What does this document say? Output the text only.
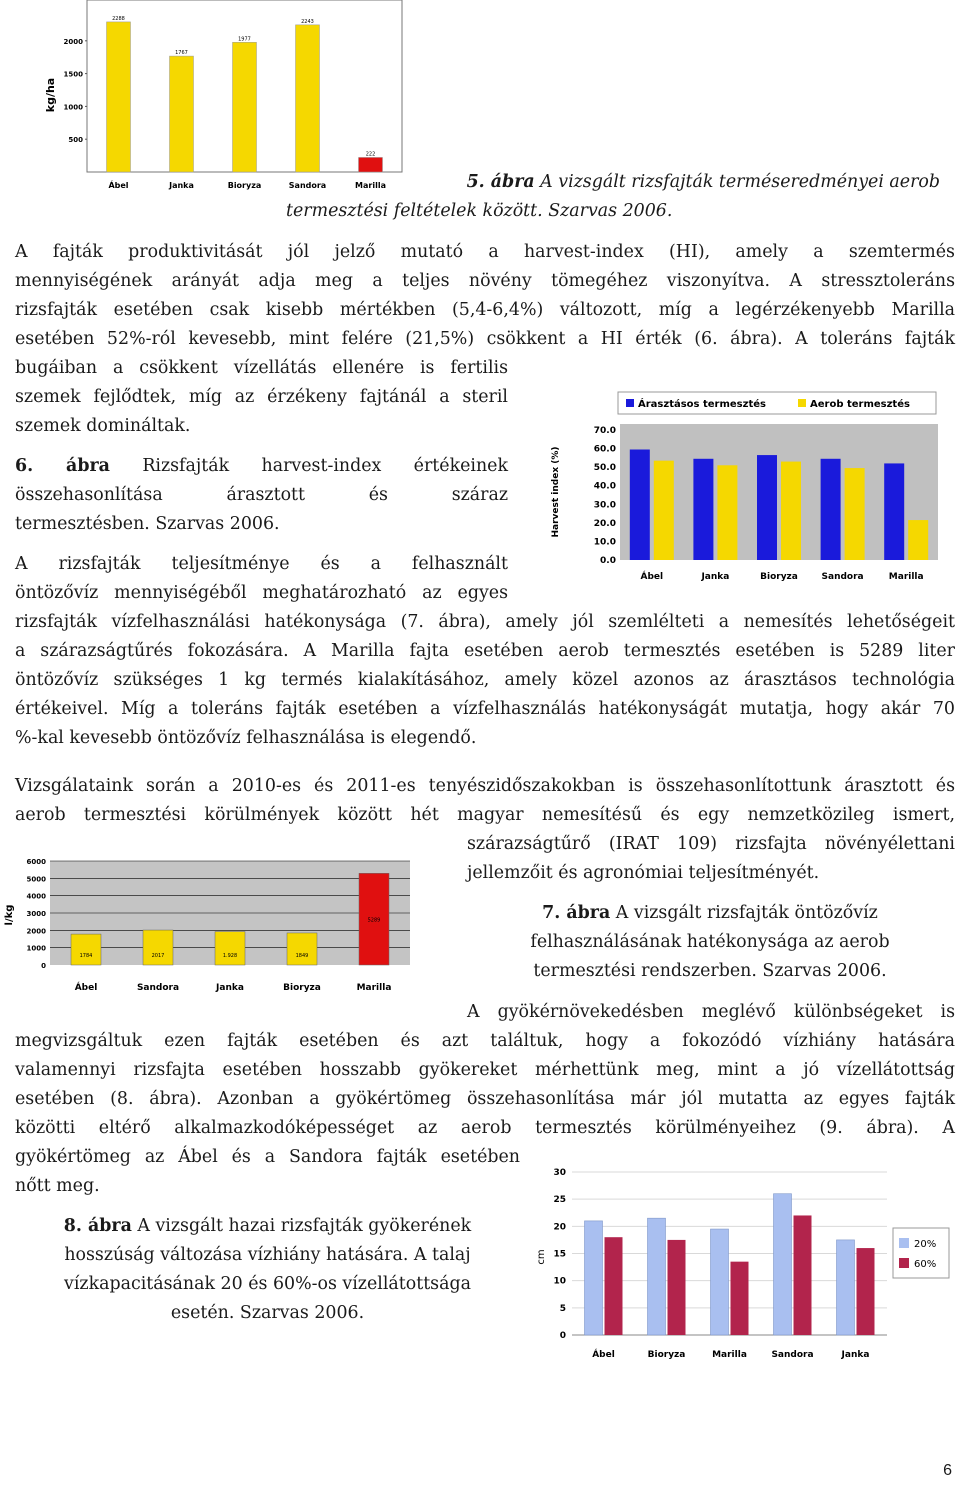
kg/ha
2000
1500
1000
500
2288
1767
1977
2243
222
Ábel	Janka	Bioryza	Sandora	Marilla	5. ábra A vizsgált rizsfajták terméseredményei aerob
termesztési feltételek között. Szarvas 2006.
A fajták produktivitását jól jelző mutató a harvest-index (HI), amely a szemtermés
mennyiségének arányát adja meg a teljes növény tömegéhez viszonyítva. A stressztoleráns
rizsfajták esetében csak kisebb mértékben (5,4-6,4%) változott, míg a legérzékenyebb Marilla
esetében 52%-ról kevesebb, mint felére (21,5%) csökkent a HI érték (6. ábra). A toleráns fajták
bugáiban a csökkent vízellátás ellenére is fertilis
szemek fejlődtek, míg az érzékeny fajtánál a steril
szemek domináltak.
6. ábra Rizsfajták harvest-index értékeinek
összehasonlítása árasztott és száraz
termesztésben. Szarvas 2006.
Árasztásos termesztés	Aerob termesztés
Harvest index (%)
70.0
60.0
50.0
40.0
30.0
20.0
10.0
0.0
Ábel	Janka	Bioryza	Sandora	Marilla
A rizsfajták teljesítménye és a felhasznált
öntözővíz mennyiségéből meghatározható az egyes
rizsfajták vízfelhasználási hatékonysága (7. ábra), amely jól szemlélteti a nemesítés lehetőségeit
a szárazságtűrés fokozására. A Marilla fajta esetében aerob termesztés esetében is 5289 liter
öntözővíz szükséges 1 kg termés kialakításához, amely közel azonos az árasztásos technológia
értékeivel. Míg a toleráns fajták esetében a vízfelhasználás hatékonyságát mutatja, hogy akár 70
%-kal kevesebb öntözővíz felhasználása is elegendő.
Vizsgálataink során a 2010-es és 2011-es tenyészidőszakokban is összehasonlítottunk árasztott és
aerob termesztési körülmények között hét magyar nemesítésű és egy nemzetközileg ismert,
szárazságtűrő (IRAT 109) rizsfajta növényélettani
jellemzőit és agronómiai teljesítményét.
l/kg
6000
5000
4000
3000
2000
1000
0
1784	2017	1.928	1849
5289
Ábel	Sandora	Janka	Bioryza	Marilla
7. ábra A vizsgált rizsfajták öntözővíz
felhasználásának hatékonysága az aerob
termesztési rendszerben. Szarvas 2006.
A gyökérnövekedésben meglévő különbségeket is
megvizsgáltuk ezen fajták esetében és azt találtuk, hogy a fokozódó vízhiány hatására
valamennyi rizsfajta esetében hosszabb gyökereket mérhettünk meg, mint a jó vízellátottság
esetében (8. ábra). Azonban a gyökértömeg összehasonlítása már jól mutatta az egyes fajták
közötti eltérő alkalmazkodóképességet az aerob termesztés körülményeihez (9. ábra). A
gyökértömeg az Ábel és a Sandora fajták esetében
nőtt meg.
8. ábra A vizsgált hazai rizsfajták gyökerének
hosszúság változása vízhiány hatására. A talaj
vízkapacitásának 20 és 60%-os vízellátottsága
esetén. Szarvas 2006.
cm
30
25
20
15
10
5
0
Ábel	Bioryza	Marilla	Sandora	Janka
20%
60%
6
